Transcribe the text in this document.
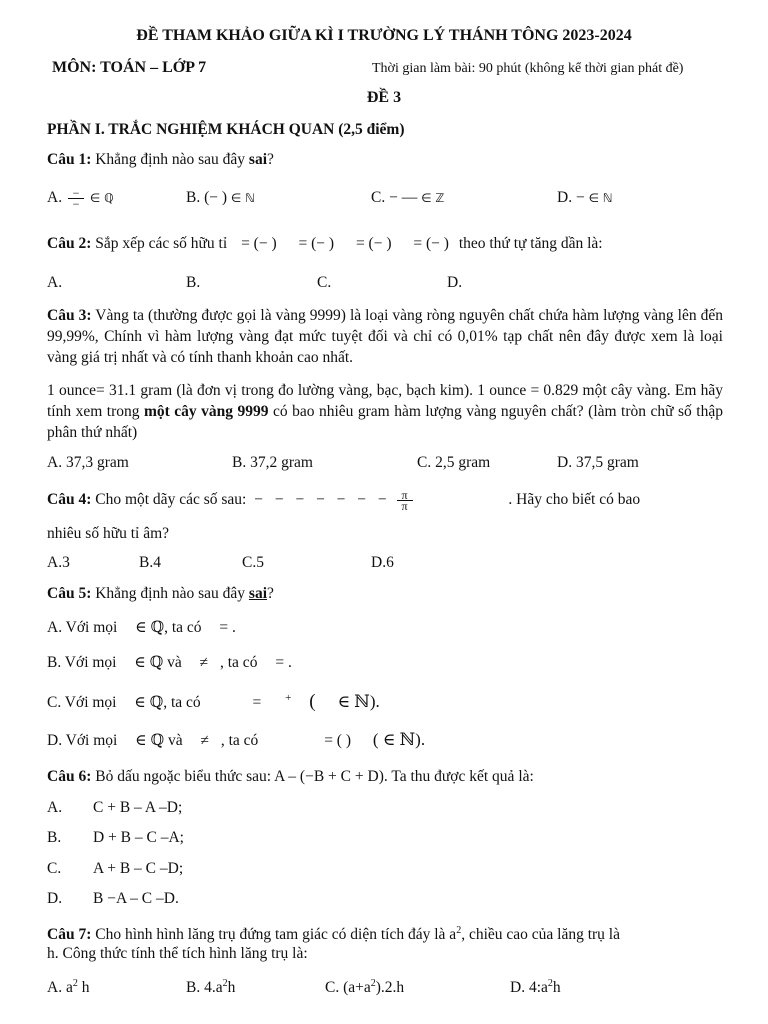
ĐỀ THAM KHẢO GIỮA KÌ I TRƯỜNG LÝ THÁNH TÔNG 2023-2024
MÔN: TOÁN – LỚP 7	Thời gian làm bài: 90 phút (không kể thời gian phát đề)
ĐỀ 3
PHẦN I. TRẮC NGHIỆM KHÁCH QUAN (2,5 điểm)
Câu 1: Khẳng định nào sau đây sai?
A. $\frac{-}{-}$ ∈ ℚ	B. (− ) ∈ ℕ	C. − — ∈ ℤ	D. − ∈ ℕ
Câu 2: Sắp xếp các số hữu tỉ = (− ) = (− ) = (− ) = (− ) theo thứ tự tăng dần là:
A.	B.	C.	D.
Câu 3: Vàng ta (thường được gọi là vàng 9999) là loại vàng ròng nguyên chất chứa hàm lượng vàng lên đến 99,99%, Chính vì hàm lượng vàng đạt mức tuyệt đối và chỉ có 0,01% tạp chất nên đây được xem là loại vàng giá trị nhất và có tính thanh khoản cao nhất.
1 ounce= 31.1 gram (là đơn vị trong đo lường vàng, bạc, bạch kim). 1 ounce = 0.829 một cây vàng. Em hãy tính xem trong một cây vàng 9999 có bao nhiêu gram hàm lượng vàng nguyên chất? (làm tròn chữ số thập phân thứ nhất)
A. 37,3 gram	B. 37,2 gram	C. 2,5 gram	D. 37,5 gram
Câu 4: Cho một dãy các số sau: − − − − − − − $\frac{\pi}{\pi}$	. Hãy cho biết có bao
nhiêu số hữu tỉ âm?
A.3	B.4	C.5	D.6
Câu 5: Khẳng định nào sau đây sai?
A. Với mọi ∈ ℚ, ta có = .
B. Với mọi ∈ ℚ và ≠ , ta có = .
C. Với mọi ∈ ℚ, ta có	= + ( ∈ ℕ).
D. Với mọi ∈ ℚ và ≠ , ta có	= ( ) ( ∈ ℕ).
Câu 6: Bỏ dấu ngoặc biểu thức sau: A – (−B + C + D). Ta thu được kết quả là:
A. C + B – A –D;
B. D + B – C –A;
C. A + B – C –D;
D. B −A – C –D.
Câu 7: Cho hình hình lăng trụ đứng tam giác có diện tích đáy là $a^2$, chiều cao của lăng trụ là
h. Công thức tính thể tích hình lăng trụ là:
A. $a^2$ h	B. $4.a^2h$	C. $(a+a^2).2.h$	D. $4:a^2h$
